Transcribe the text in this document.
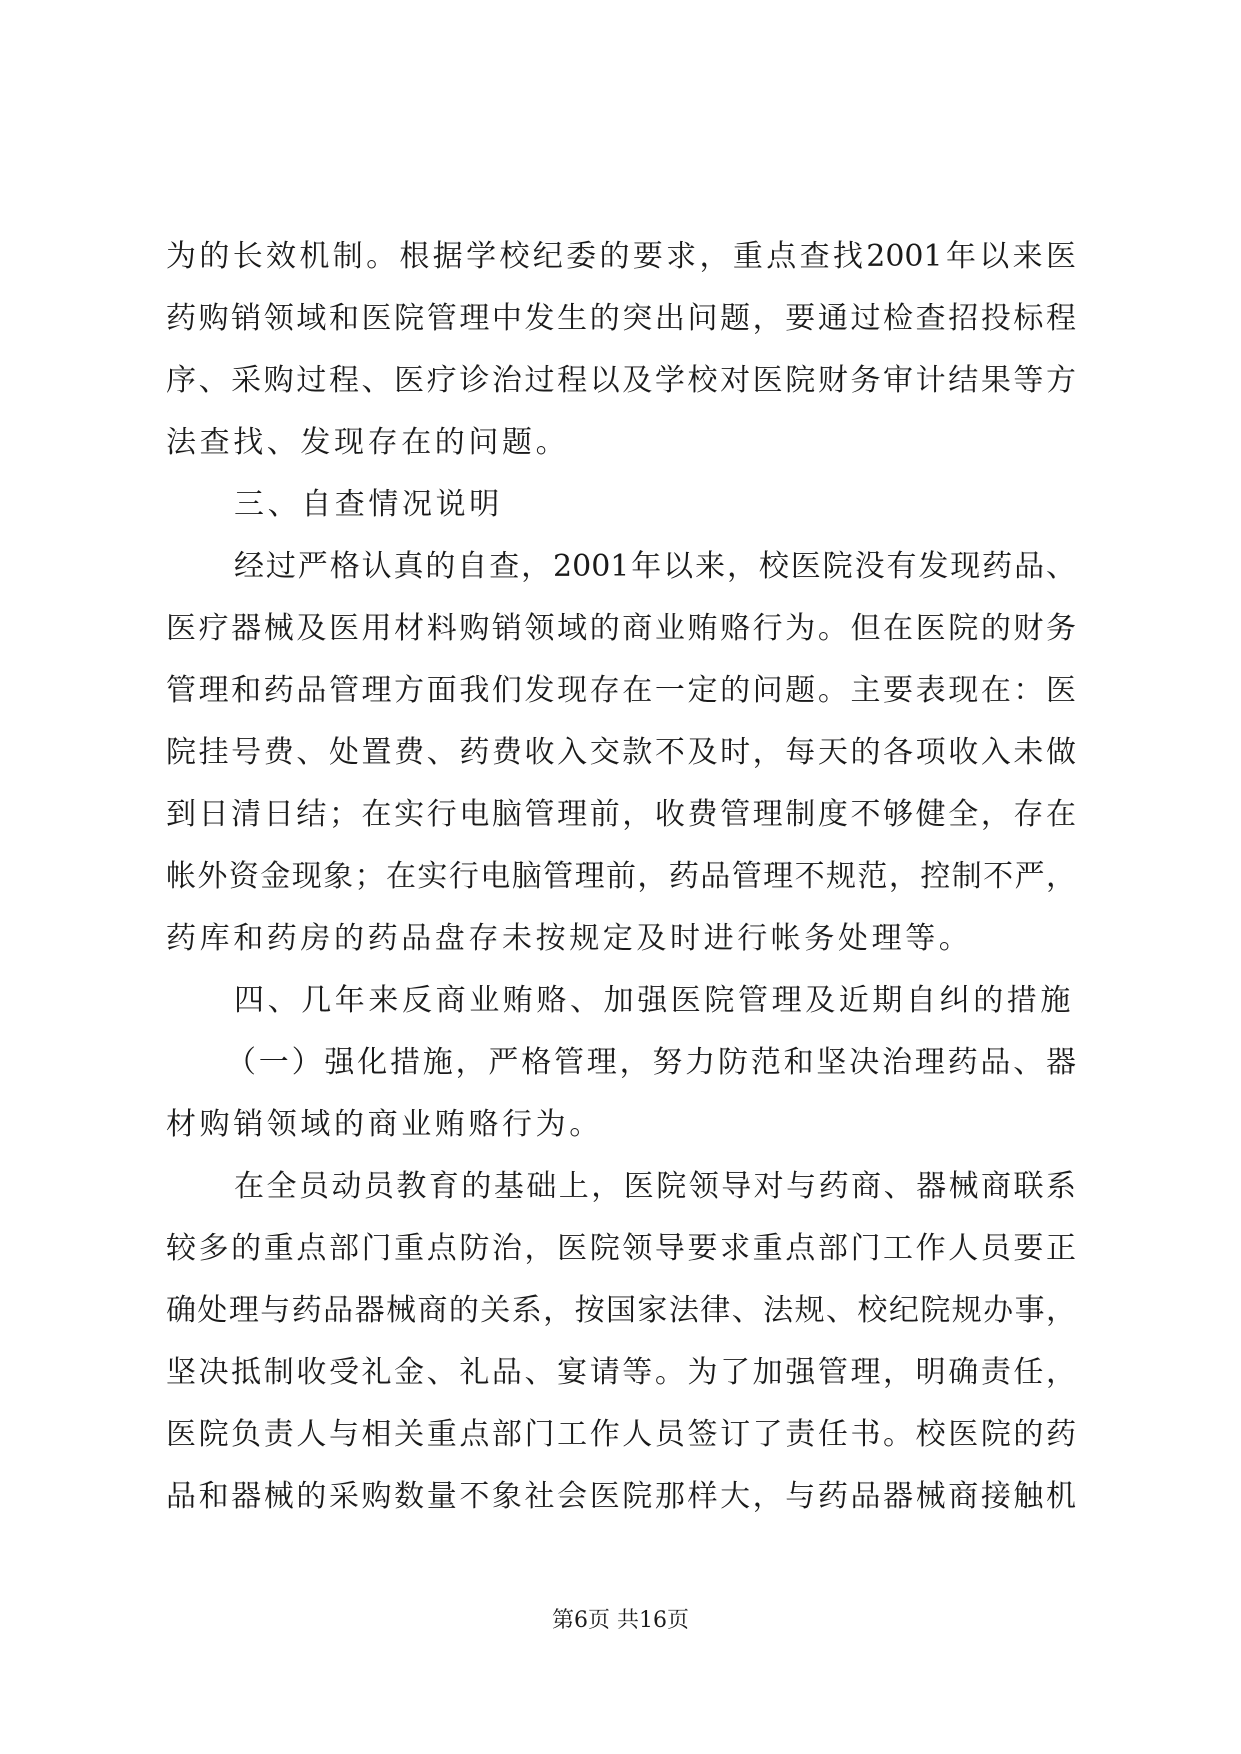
为的长效机制。根据学校纪委的要求，重点查找2001年以来医
药购销领域和医院管理中发生的突出问题，要通过检查招投标程
序、采购过程、医疗诊治过程以及学校对医院财务审计结果等方
法查找、发现存在的问题。
三、自查情况说明
经过严格认真的自查，2001年以来，校医院没有发现药品、
医疗器械及医用材料购销领域的商业贿赂行为。但在医院的财务
管理和药品管理方面我们发现存在一定的问题。主要表现在：医
院挂号费、处置费、药费收入交款不及时，每天的各项收入未做
到日清日结；在实行电脑管理前，收费管理制度不够健全，存在
帐外资金现象；在实行电脑管理前，药品管理不规范，控制不严，
药库和药房的药品盘存未按规定及时进行帐务处理等。
四、几年来反商业贿赂、加强医院管理及近期自纠的措施
（一）强化措施，严格管理，努力防范和坚决治理药品、器
材购销领域的商业贿赂行为。
在全员动员教育的基础上，医院领导对与药商、器械商联系
较多的重点部门重点防治，医院领导要求重点部门工作人员要正
确处理与药品器械商的关系，按国家法律、法规、校纪院规办事，
坚决抵制收受礼金、礼品、宴请等。为了加强管理，明确责任，
医院负责人与相关重点部门工作人员签订了责任书。校医院的药
品和器械的采购数量不象社会医院那样大，与药品器械商接触机
第6页 共16页
